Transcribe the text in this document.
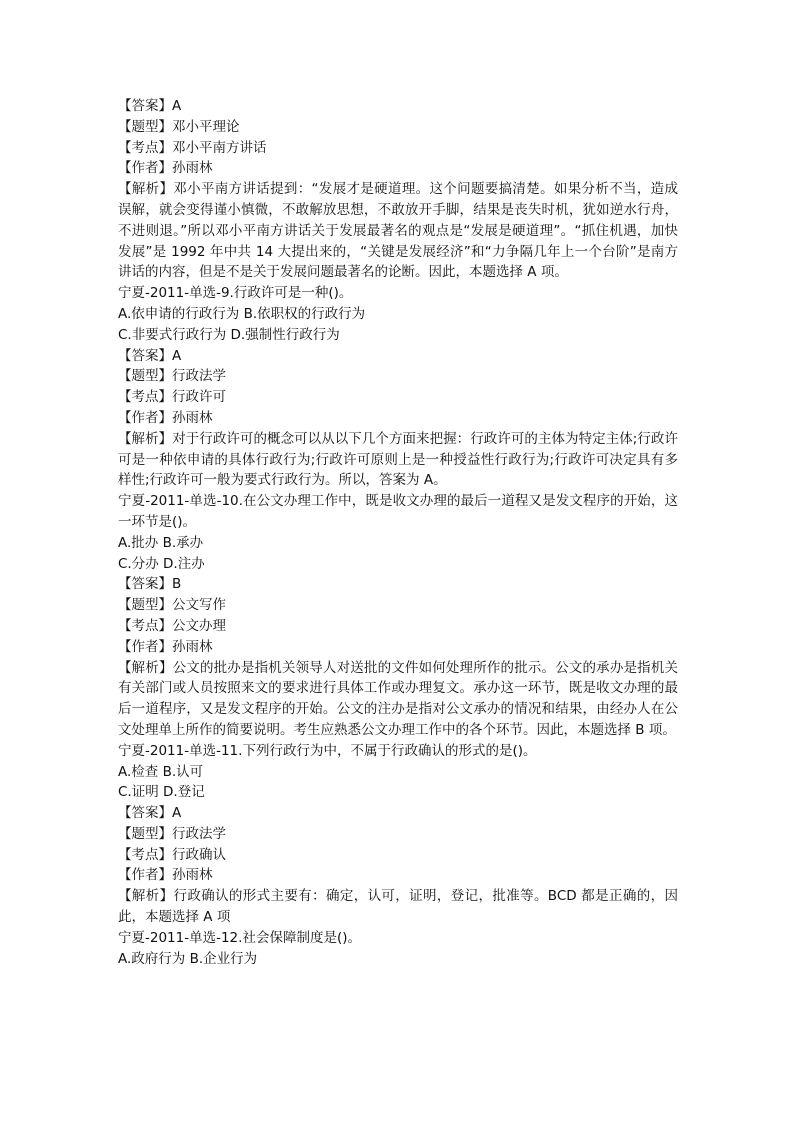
【答案】A
【题型】邓小平理论
【考点】邓小平南方讲话
【作者】孙雨林
【解析】邓小平南方讲话提到：“发展才是硬道理。这个问题要搞清楚。如果分析不当，造成误解，就会变得谨小慎微，不敢解放思想，不敢放开手脚，结果是丧失时机，犹如逆水行舟，不进则退。”所以邓小平南方讲话关于发展最著名的观点是“发展是硬道理”。“抓住机遇，加快发展”是 1992 年中共 14 大提出来的，“关键是发展经济”和“力争隔几年上一个台阶”是南方讲话的内容，但是不是关于发展问题最著名的论断。因此，本题选择 A 项。
宁夏-2011-单选-9.行政许可是一种()。
A.依申请的行政行为 B.依职权的行政行为
C.非要式行政行为 D.强制性行政行为
【答案】A
【题型】行政法学
【考点】行政许可
【作者】孙雨林
【解析】对于行政许可的概念可以从以下几个方面来把握：行政许可的主体为特定主体;行政许可是一种依申请的具体行政行为;行政许可原则上是一种授益性行政行为;行政许可决定具有多样性;行政许可一般为要式行政行为。所以，答案为 A。
宁夏-2011-单选-10.在公文办理工作中，既是收文办理的最后一道程又是发文程序的开始，这一环节是()。
A.批办 B.承办
C.分办 D.注办
【答案】B
【题型】公文写作
【考点】公文办理
【作者】孙雨林
【解析】公文的批办是指机关领导人对送批的文件如何处理所作的批示。公文的承办是指机关有关部门或人员按照来文的要求进行具体工作或办理复文。承办这一环节，既是收文办理的最后一道程序，又是发文程序的开始。公文的注办是指对公文承办的情况和结果，由经办人在公文处理单上所作的简要说明。考生应熟悉公文办理工作中的各个环节。因此，本题选择 B 项。
宁夏-2011-单选-11.下列行政行为中，不属于行政确认的形式的是()。
A.检查 B.认可
C.证明 D.登记
【答案】A
【题型】行政法学
【考点】行政确认
【作者】孙雨林
【解析】行政确认的形式主要有：确定，认可，证明，登记，批准等。BCD 都是正确的，因此，本题选择 A 项
宁夏-2011-单选-12.社会保障制度是()。
A.政府行为 B.企业行为
